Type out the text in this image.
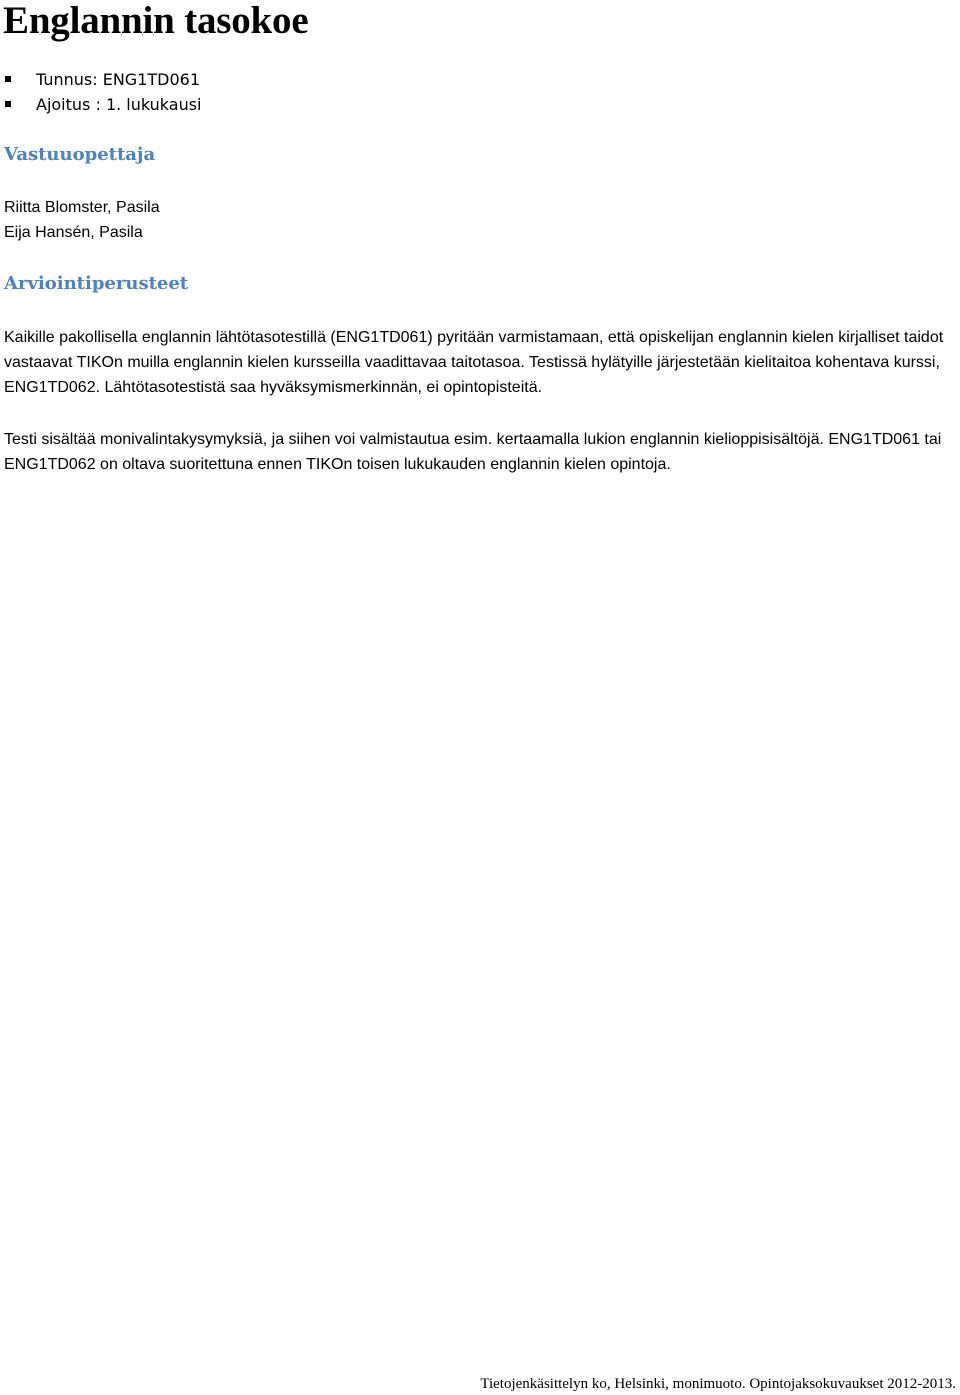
Englannin tasokoe
Tunnus: ENG1TD061
Ajoitus : 1. lukukausi
Vastuuopettaja
Riitta Blomster, Pasila
Eija Hansén, Pasila
Arviointiperusteet

Kaikille pakollisella englannin lähtötasotestillä (ENG1TD061) pyritään varmistamaan, että opiskelijan englannin kielen kirjalliset taidot vastaavat TIKOn muilla englannin kielen kursseilla vaadittavaa taitotasoa. Testissä hylätyille järjestetään kielitaitoa kohentava kurssi, ENG1TD062. Lähtötasotestistä saa hyväksymismerkinnän, ei opintopisteitä.

Testi sisältää monivalintakysymyksiä, ja siihen voi valmistautua esim. kertaamalla lukion englannin kielioppisisältöjä. ENG1TD061 tai ENG1TD062 on oltava suoritettuna ennen TIKOn toisen lukukauden englannin kielen opintoja.

Tietojenkäsittelyn ko, Helsinki, monimuoto. Opintojaksokuvaukset 2012-2013.
